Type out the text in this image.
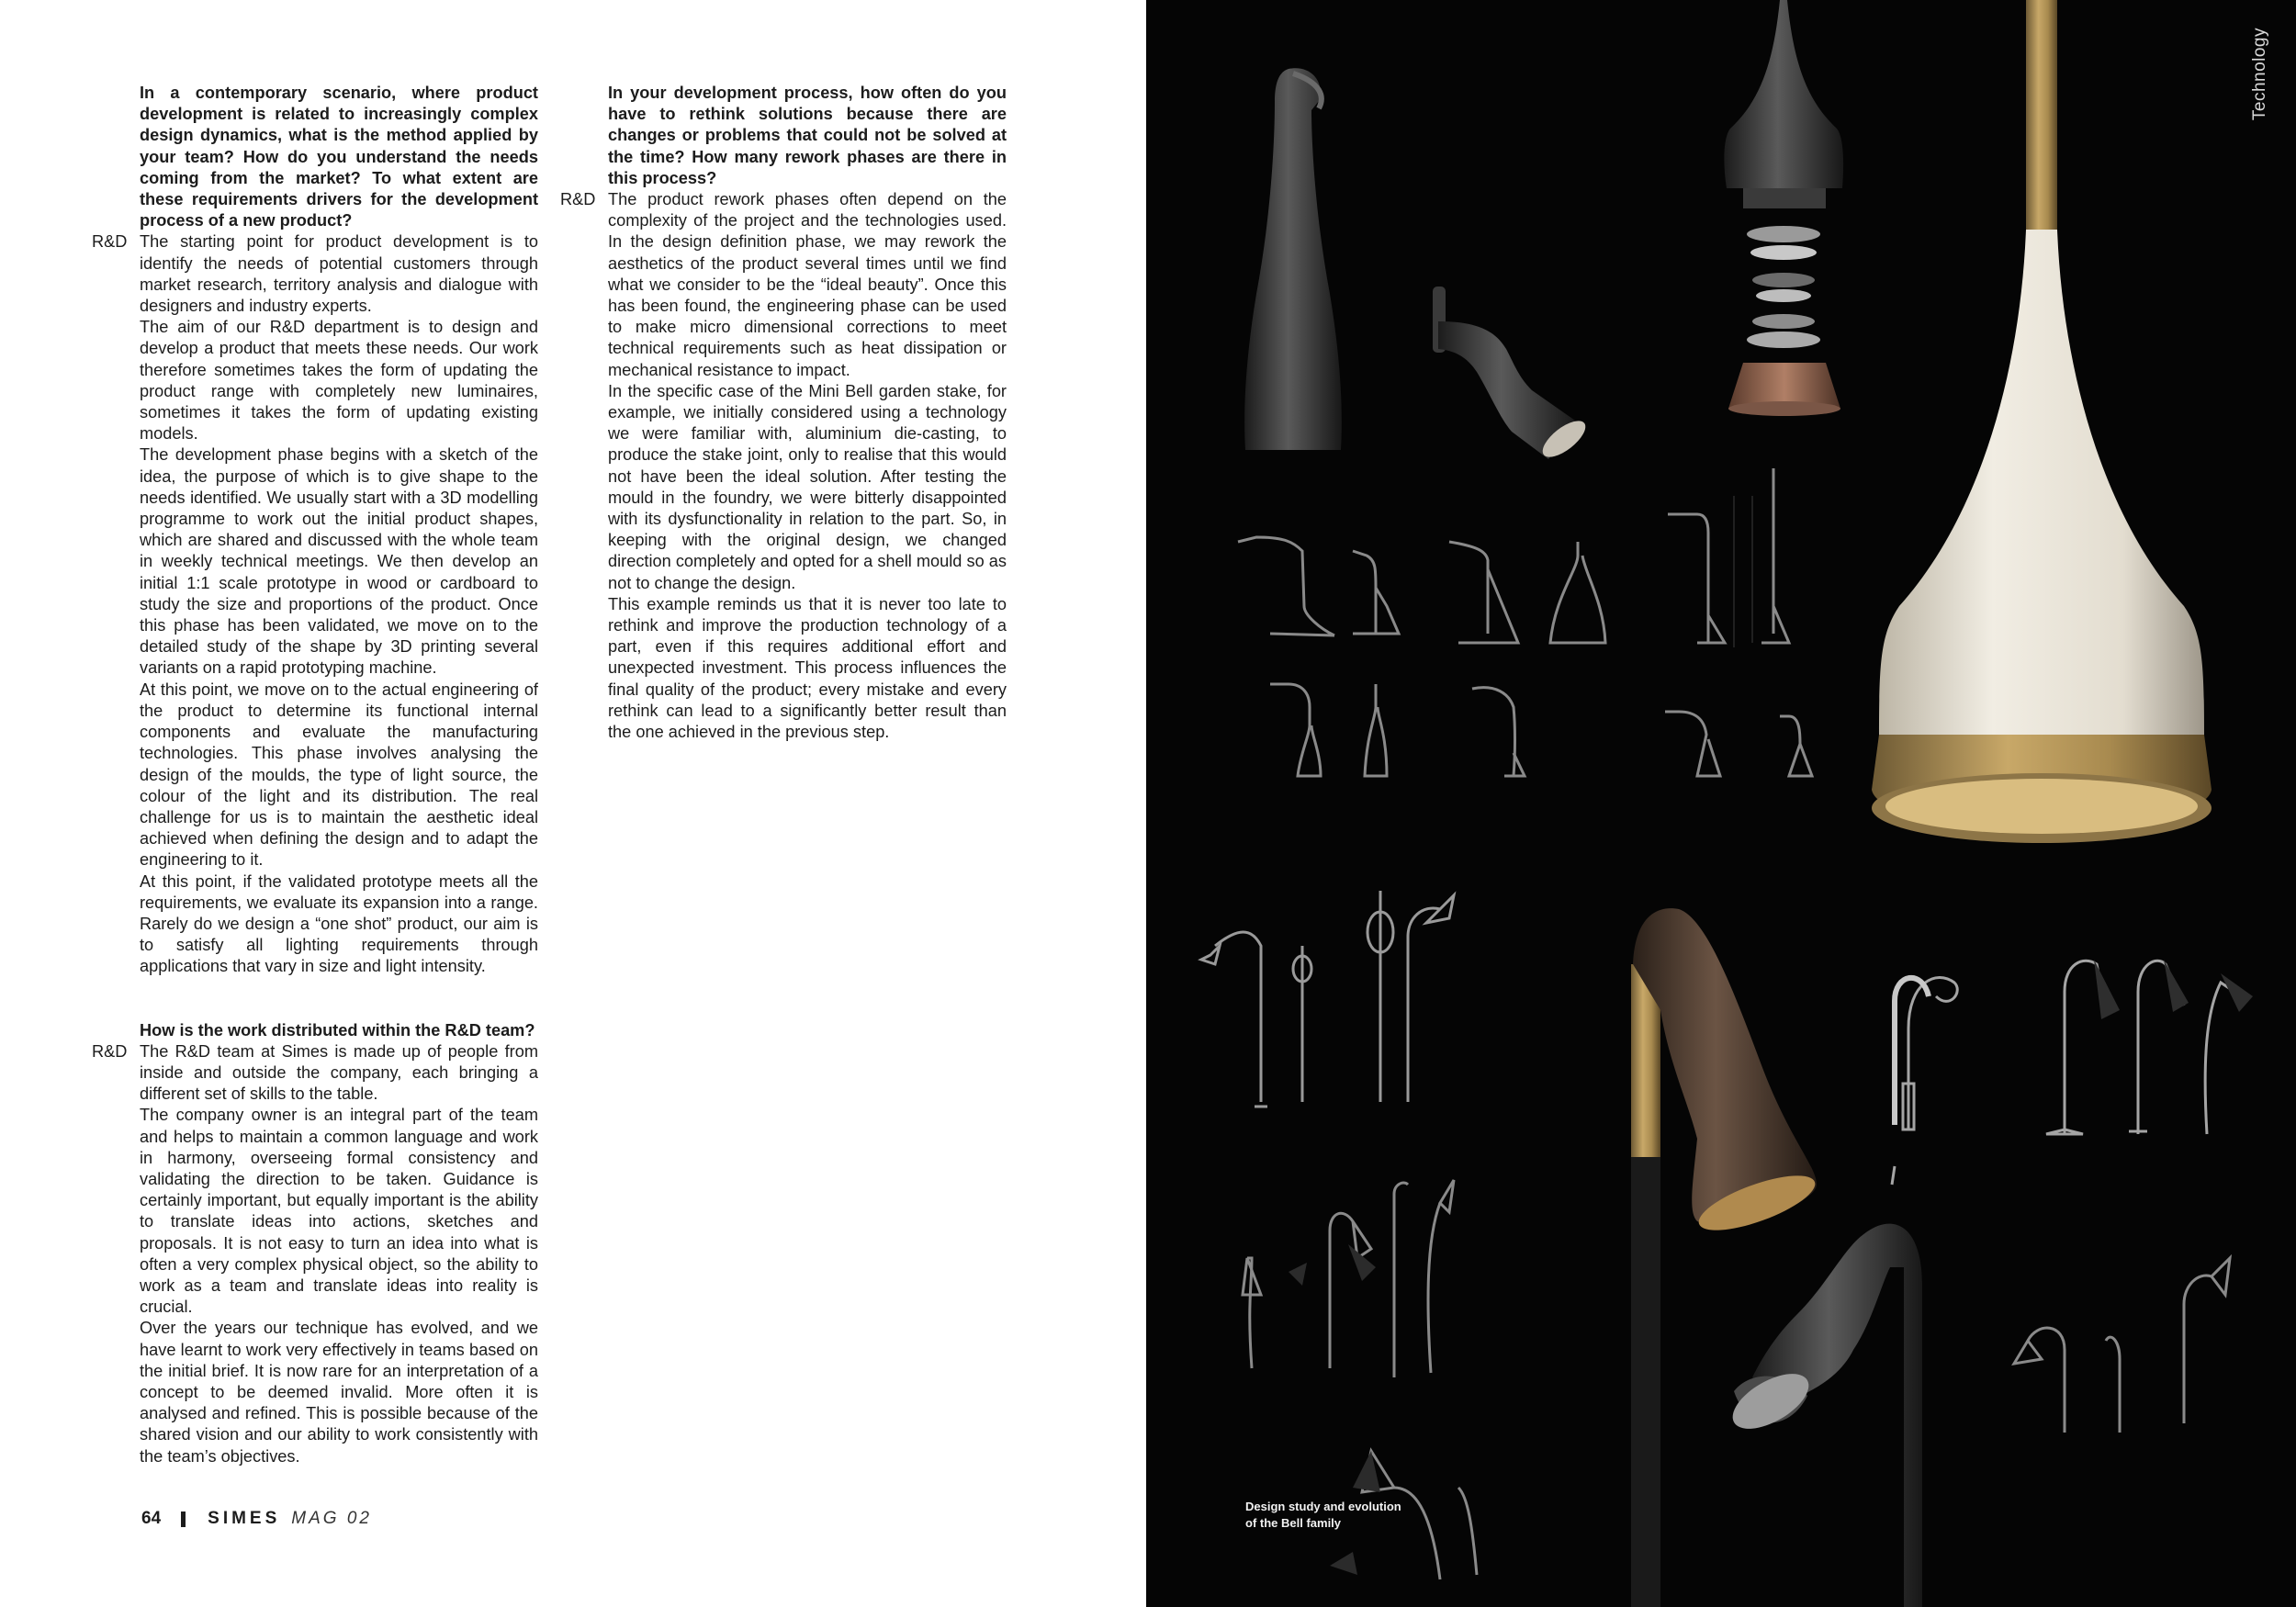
In a contemporary scenario, where product development is related to increasingly complex design dynamics, what is the method applied by your team? How do you understand the needs coming from the market? To what extent are these requirements drivers for the development process of a new product?

R&D The starting point for product development is to identify the needs of potential customers through market research, territory analysis and dialogue with designers and industry experts.

The aim of our R&D department is to design and develop a product that meets these needs. Our work therefore sometimes takes the form of updating the product range with completely new luminaires, sometimes it takes the form of updating existing models.

The development phase begins with a sketch of the idea, the purpose of which is to give shape to the needs identified. We usually start with a 3D modelling programme to work out the initial product shapes, which are shared and discussed with the whole team in weekly technical meetings. We then develop an initial 1:1 scale prototype in wood or cardboard to study the size and proportions of the product. Once this phase has been validated, we move on to the detailed study of the shape by 3D printing several variants on a rapid prototyping machine.

At this point, we move on to the actual engineering of the product to determine its functional internal components and evaluate the manufacturing technologies. This phase involves analysing the design of the moulds, the type of light source, the colour of the light and its distribution. The real challenge for us is to maintain the aesthetic ideal achieved when defining the design and to adapt the engineering to it.

At this point, if the validated prototype meets all the requirements, we evaluate its expansion into a range. Rarely do we design a “one shot” product, our aim is to satisfy all lighting requirements through applications that vary in size and light intensity.

How is the work distributed within the R&D team?

R&D The R&D team at Simes is made up of people from inside and outside the company, each bringing a different set of skills to the table.

The company owner is an integral part of the team and helps to maintain a common language and work in harmony, overseeing formal consistency and validating the direction to be taken. Guidance is certainly important, but equally important is the ability to translate ideas into actions, sketches and proposals. It is not easy to turn an idea into what is often a very complex physical object, so the ability to work as a team and translate ideas into reality is crucial.

Over the years our technique has evolved, and we have learnt to work very effectively in teams based on the initial brief. It is now rare for an interpretation of a concept to be deemed invalid. More often it is analysed and refined. This is possible because of the shared vision and our ability to work consistently with the team’s objectives.

In your development process, how often do you have to rethink solutions because there are changes or problems that could not be solved at the time? How many rework phases are there in this process?

R&D The product rework phases often depend on the complexity of the project and the technologies used. In the design definition phase, we may rework the aesthetics of the product several times until we find what we consider to be the “ideal beauty”. Once this has been found, the engineering phase can be used to make micro dimensional corrections to meet technical requirements such as heat dissipation or mechanical resistance to impact.

In the specific case of the Mini Bell garden stake, for example, we initially considered using a technology we were familiar with, aluminium die-casting, to produce the stake joint, only to realise that this would not have been the ideal solution. After testing the mould in the foundry, we were bitterly disappointed with its dysfunctionality in relation to the part. So, in keeping with the original design, we changed direction completely and opted for a shell mould so as not to change the design.

This example reminds us that it is never too late to rethink and improve the production technology of a part, even if this requires additional effort and unexpected investment. This process influences the final quality of the product; every mistake and every rethink can lead to a significantly better result than the one achieved in the previous step.

64	SIMES MAG 02
Technology
Design study and evolution
of the Bell family
